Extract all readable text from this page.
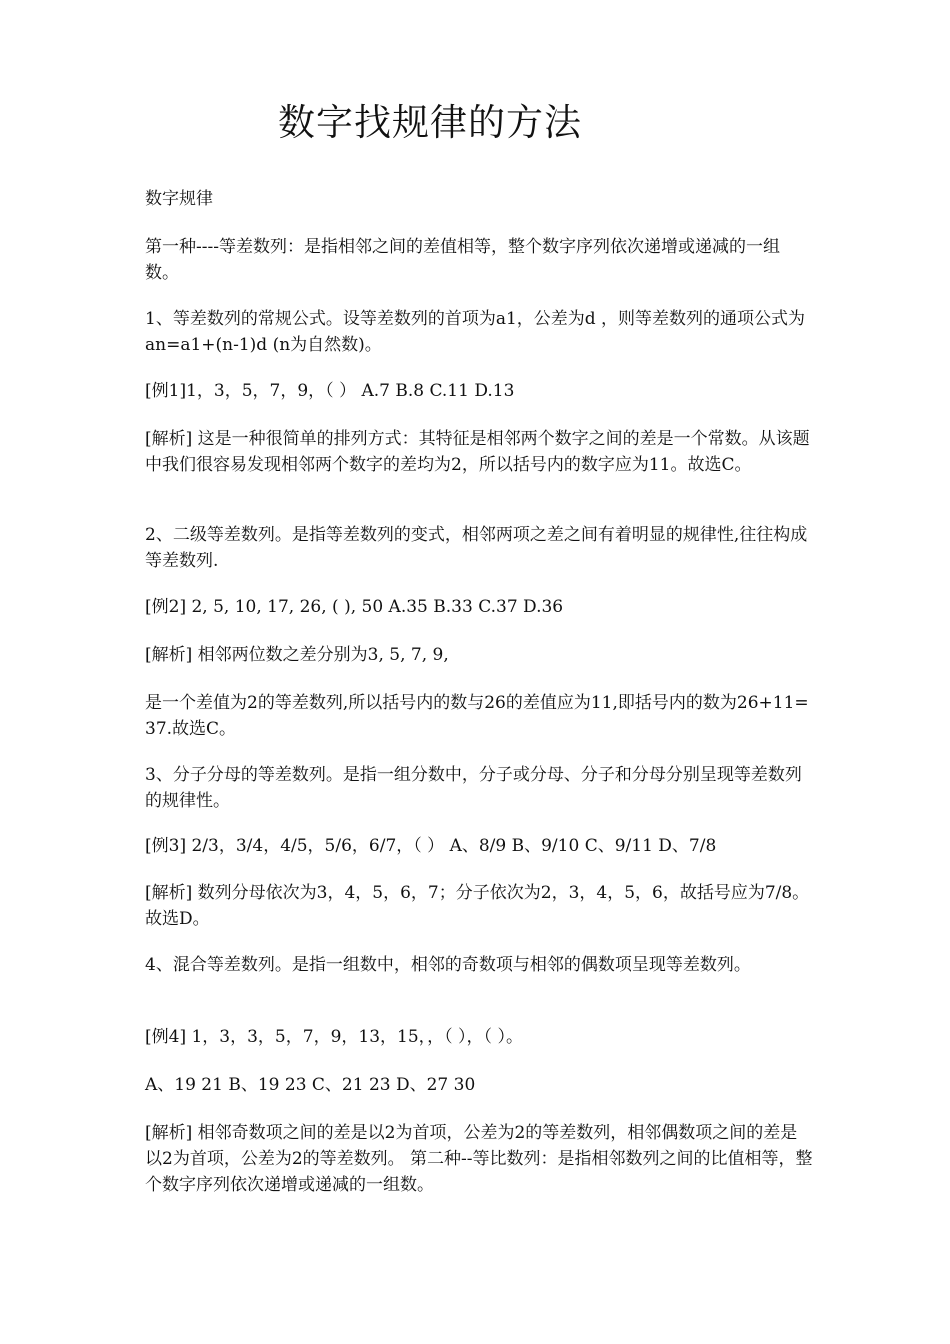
数字找规律的方法

数字规律

第一种----等差数列：是指相邻之间的差值相等，整个数字序列依次递增或递减的一组数。

1、等差数列的常规公式。设等差数列的首项为a1，公差为d ，则等差数列的通项公式为an=a1+(n-1)d (n为自然数)。

[例1]1，3，5，7，9，（ ） A.7 B.8 C.11 D.13

[解析] 这是一种很简单的排列方式：其特征是相邻两个数字之间的差是一个常数。从该题中我们很容易发现相邻两个数字的差均为2，所以括号内的数字应为11。故选C。

2、二级等差数列。是指等差数列的变式，相邻两项之差之间有着明显的规律性,往往构成等差数列.

[例2] 2, 5, 10, 17, 26, ( ), 50 A.35 B.33 C.37 D.36

[解析] 相邻两位数之差分别为3, 5, 7, 9,

是一个差值为2的等差数列,所以括号内的数与26的差值应为11,即括号内的数为26+11=37.故选C。

3、分子分母的等差数列。是指一组分数中，分子或分母、分子和分母分别呈现等差数列的规律性。

[例3] 2/3，3/4，4/5，5/6，6/7，（ ） A、8/9 B、9/10 C、9/11 D、7/8

[解析] 数列分母依次为3，4，5，6，7；分子依次为2，3，4，5，6，故括号应为7/8。故选D。

4、混合等差数列。是指一组数中，相邻的奇数项与相邻的偶数项呈现等差数列。

[例4] 1，3，3，5，7，9，13，15，，（ ），（ ）。

A、19 21 B、19 23 C、21 23 D、27 30

[解析] 相邻奇数项之间的差是以2为首项，公差为2的等差数列，相邻偶数项之间的差是以2为首项，公差为2的等差数列。 第二种--等比数列：是指相邻数列之间的比值相等，整个数字序列依次递增或递减的一组数。
